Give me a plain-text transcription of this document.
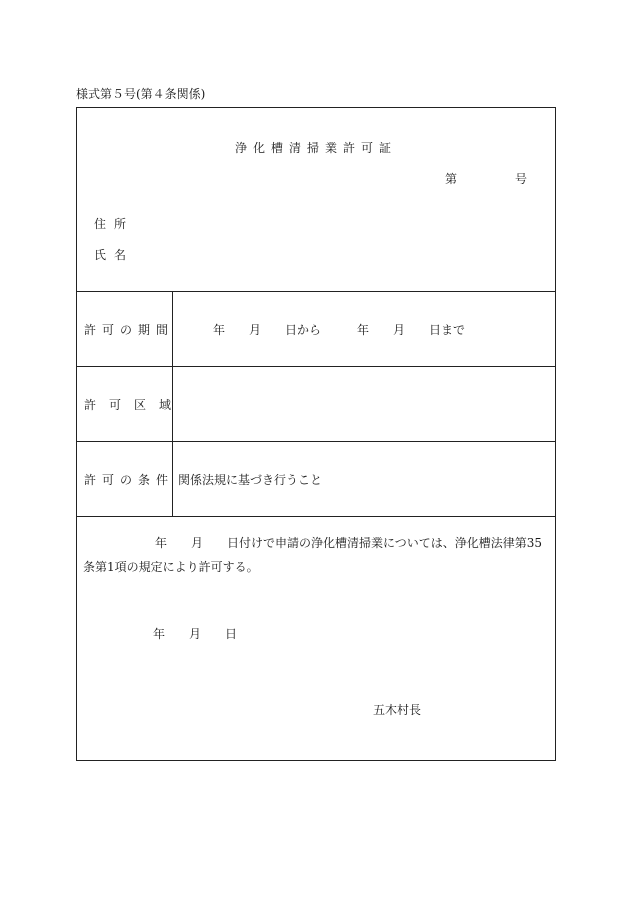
様式第５号(第４条関係)
浄化槽清掃業許可証
第	号
住所
氏名
許可の期間	年　　月　　日から　　　年　　月　　日まで
許可区域
許可の条件 関係法規に基づき行うこと
　　　　　　年　　月　　日付けで申請の浄化槽清掃業については、浄化槽法律第35条第1項の規定により許可する。
年　　月　　日
五木村長
